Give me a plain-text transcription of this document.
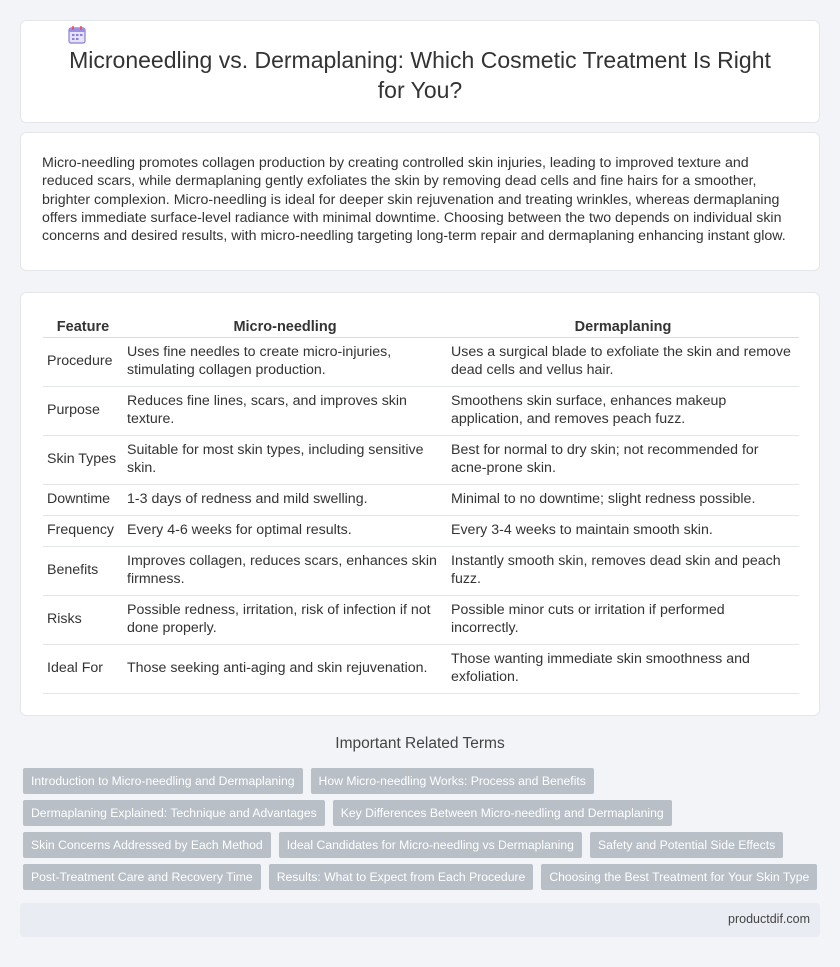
Microneedling vs. Dermaplaning: Which Cosmetic Treatment Is Right for You?

Micro-needling promotes collagen production by creating controlled skin injuries, leading to improved texture and reduced scars, while dermaplaning gently exfoliates the skin by removing dead cells and fine hairs for a smoother, brighter complexion. Micro-needling is ideal for deeper skin rejuvenation and treating wrinkles, whereas dermaplaning offers immediate surface-level radiance with minimal downtime. Choosing between the two depends on individual skin concerns and desired results, with micro-needling targeting long-term repair and dermaplaning enhancing instant glow.

Feature	Micro-needling	Dermaplaning
Procedure	Uses fine needles to create micro-injuries, stimulating collagen production.	Uses a surgical blade to exfoliate the skin and remove dead cells and vellus hair.
Purpose	Reduces fine lines, scars, and improves skin texture.	Smoothens skin surface, enhances makeup application, and removes peach fuzz.
Skin Types	Suitable for most skin types, including sensitive skin.	Best for normal to dry skin; not recommended for acne-prone skin.
Downtime	1-3 days of redness and mild swelling.	Minimal to no downtime; slight redness possible.
Frequency	Every 4-6 weeks for optimal results.	Every 3-4 weeks to maintain smooth skin.
Benefits	Improves collagen, reduces scars, enhances skin firmness.	Instantly smooth skin, removes dead skin and peach fuzz.
Risks	Possible redness, irritation, risk of infection if not done properly.	Possible minor cuts or irritation if performed incorrectly.
Ideal For	Those seeking anti-aging and skin rejuvenation.	Those wanting immediate skin smoothness and exfoliation.
Important Related Terms
Introduction to Micro-needling and Dermaplaning	How Micro-needling Works: Process and Benefits
Dermaplaning Explained: Technique and Advantages	Key Differences Between Micro-needling and Dermaplaning
Skin Concerns Addressed by Each Method	Ideal Candidates for Micro-needling vs Dermaplaning	Safety and Potential Side Effects
Post-Treatment Care and Recovery Time	Results: What to Expect from Each Procedure	Choosing the Best Treatment for Your Skin Type
productdif.com
